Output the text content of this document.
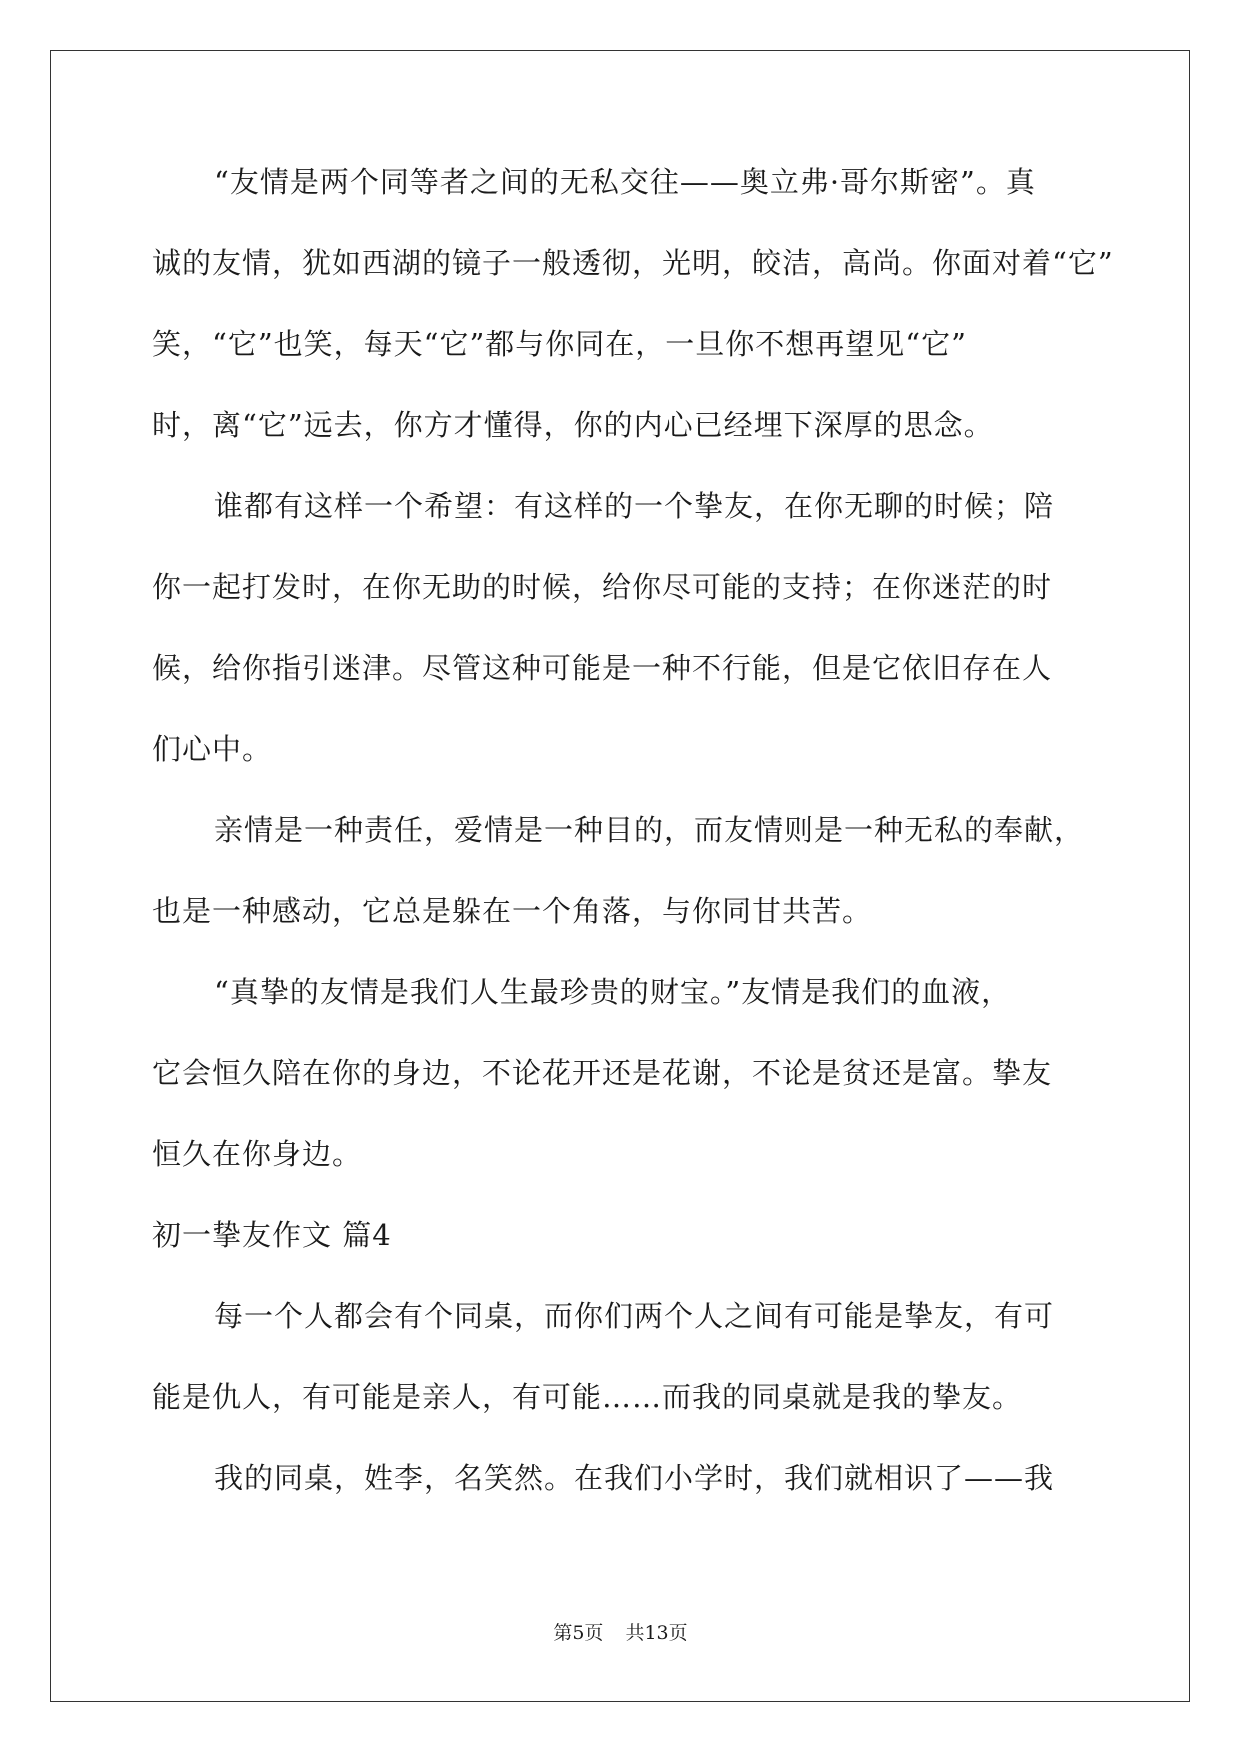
“友情是两个同等者之间的无私交往——奥立弗·哥尔斯密”。真
诚的友情，犹如西湖的镜子一般透彻，光明，皎洁，高尚。你面对着“它”
笑，“它”也笑，每天“它”都与你同在，一旦你不想再望见“它”
时，离“它”远去，你方才懂得，你的内心已经埋下深厚的思念。
谁都有这样一个希望：有这样的一个挚友，在你无聊的时候；陪
你一起打发时，在你无助的时候，给你尽可能的支持；在你迷茫的时
候，给你指引迷津。尽管这种可能是一种不行能，但是它依旧存在人
们心中。
亲情是一种责任，爱情是一种目的，而友情则是一种无私的奉献，
也是一种感动，它总是躲在一个角落，与你同甘共苦。
“真挚的友情是我们人生最珍贵的财宝。”友情是我们的血液，
它会恒久陪在你的身边，不论花开还是花谢，不论是贫还是富。挚友
恒久在你身边。
初一挚友作文 篇4
每一个人都会有个同桌，而你们两个人之间有可能是挚友，有可
能是仇人，有可能是亲人，有可能……而我的同桌就是我的挚友。
我的同桌，姓李，名笑然。在我们小学时，我们就相识了——我
第5页 共13页
